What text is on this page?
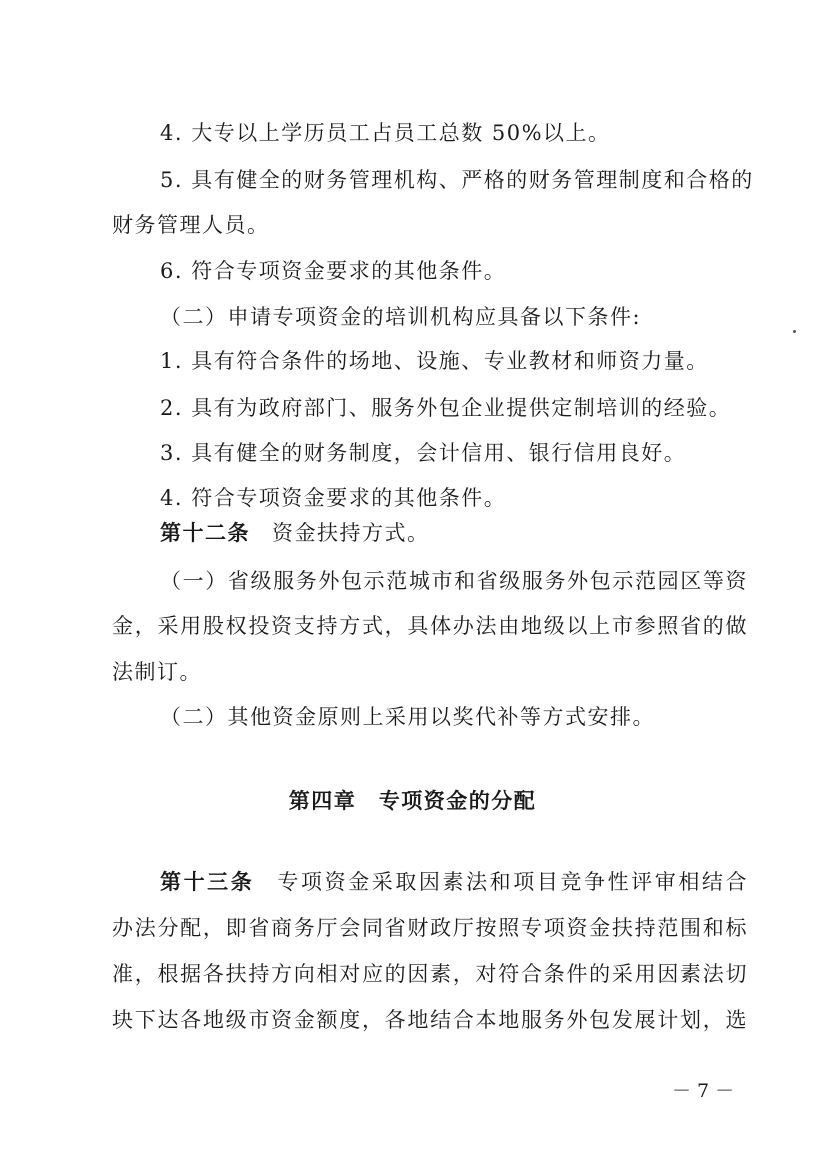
4. 大专以上学历员工占员工总数 50%以上。
5. 具有健全的财务管理机构、严格的财务管理制度和合格的
财务管理人员。
6. 符合专项资金要求的其他条件。
（二）申请专项资金的培训机构应具备以下条件:
1. 具有符合条件的场地、设施、专业教材和师资力量。
2. 具有为政府部门、服务外包企业提供定制培训的经验。
3. 具有健全的财务制度，会计信用、银行信用良好。
4. 符合专项资金要求的其他条件。
第十二条 资金扶持方式。
（一）省级服务外包示范城市和省级服务外包示范园区等资
金，采用股权投资支持方式，具体办法由地级以上市参照省的做
法制订。
（二）其他资金原则上采用以奖代补等方式安排。
第四章　专项资金的分配
第十三条 专项资金采取因素法和项目竞争性评审相结合
办法分配，即省商务厅会同省财政厅按照专项资金扶持范围和标
准，根据各扶持方向相对应的因素，对符合条件的采用因素法切
块下达各地级市资金额度，各地结合本地服务外包发展计划，选
－ 7 －
